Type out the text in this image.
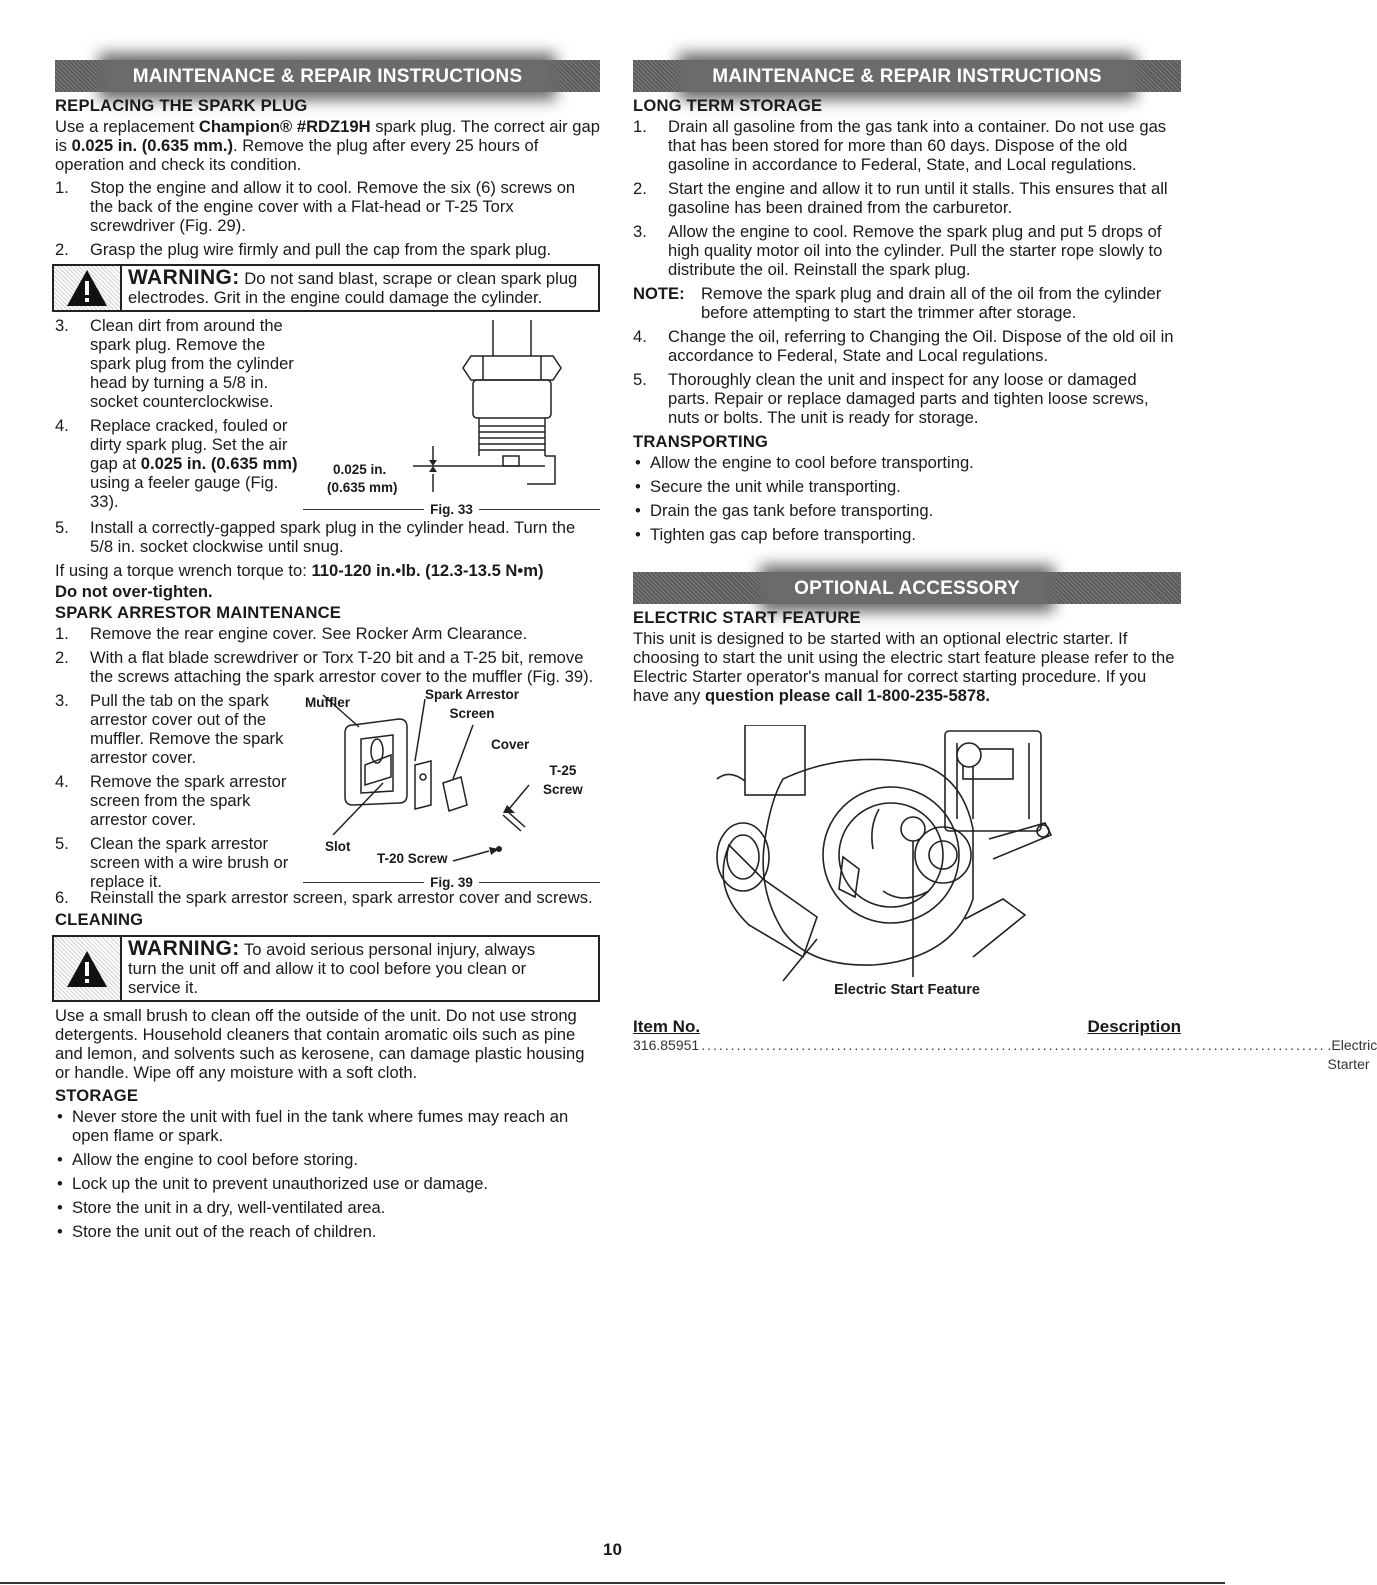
MAINTENANCE & REPAIR INSTRUCTIONS
REPLACING THE SPARK PLUG

Use a replacement Champion® #RDZ19H spark plug. The correct air gap is 0.025 in. (0.635 mm.). Remove the plug after every 25 hours of operation and check its condition.

1. Stop the engine and allow it to cool. Remove the six (6) screws on the back of the engine cover with a Flat-head or T-25 Torx screwdriver (Fig. 29).
2. Grasp the plug wire firmly and pull the cap from the spark plug.
WARNING: Do not sand blast, scrape or clean spark plug electrodes. Grit in the engine could damage the cylinder.
3. Clean dirt from around the spark plug. Remove the spark plug from the cylinder head by turning a 5/8 in. socket counterclockwise.
4. Replace cracked, fouled or dirty spark plug. Set the air gap at 0.025 in. (0.635 mm) using a feeler gauge (Fig. 33).
0.025 in.
(0.635 mm)
Fig. 33
5. Install a correctly-gapped spark plug in the cylinder head. Turn the 5/8 in. socket clockwise until snug.

If using a torque wrench torque to: 110-120 in.•lb. (12.3-13.5 N•m)

Do not over-tighten.

SPARK ARRESTOR MAINTENANCE
1. Remove the rear engine cover. See Rocker Arm Clearance.
2. With a flat blade screwdriver or Torx T-20 bit and a T-25 bit, remove the screws attaching the spark arrestor cover to the muffler (Fig. 39).
3. Pull the tab on the spark arrestor cover out of the muffler. Remove the spark arrestor cover.
4. Remove the spark arrestor screen from the spark arrestor cover.
5. Clean the spark arrestor screen with a wire brush or replace it.
Muffler
Spark Arrestor
Screen
Cover
T-25
Screw
Slot
T-20 Screw
Fig. 39
6. Reinstall the spark arrestor screen, spark arrestor cover and screws.
CLEANING
WARNING: To avoid serious personal injury, always turn the unit off and allow it to cool before you clean or service it.

Use a small brush to clean off the outside of the unit. Do not use strong detergents. Household cleaners that contain aromatic oils such as pine and lemon, and solvents such as kerosene, can damage plastic housing or handle. Wipe off any moisture with a soft cloth.

STORAGE
• Never store the unit with fuel in the tank where fumes may reach an open flame or spark.
• Allow the engine to cool before storing.
• Lock up the unit to prevent unauthorized use or damage.
• Store the unit in a dry, well-ventilated area.
• Store the unit out of the reach of children.
MAINTENANCE & REPAIR INSTRUCTIONS
LONG TERM STORAGE
1. Drain all gasoline from the gas tank into a container. Do not use gas that has been stored for more than 60 days. Dispose of the old gasoline in accordance to Federal, State, and Local regulations.
2. Start the engine and allow it to run until it stalls. This ensures that all gasoline has been drained from the carburetor.
3. Allow the engine to cool. Remove the spark plug and put 5 drops of high quality motor oil into the cylinder. Pull the starter rope slowly to distribute the oil. Reinstall the spark plug.
NOTE: Remove the spark plug and drain all of the oil from the cylinder before attempting to start the trimmer after storage.
4. Change the oil, referring to Changing the Oil. Dispose of the old oil in accordance to Federal, State and Local regulations.
5. Thoroughly clean the unit and inspect for any loose or damaged parts. Repair or replace damaged parts and tighten loose screws, nuts or bolts. The unit is ready for storage.
TRANSPORTING
• Allow the engine to cool before transporting.
• Secure the unit while transporting.
• Drain the gas tank before transporting.
• Tighten gas cap before transporting.
OPTIONAL ACCESSORY
ELECTRIC START FEATURE

This unit is designed to be started with an optional electric starter. If choosing to start the unit using the electric start feature please refer to the Electric Starter operator's manual for correct starting procedure. If you have any question please call 1-800-235-5878.

Electric Start Feature
Item No.	Description
316.85951 .......................................................................................................... .Electric Starter
10
